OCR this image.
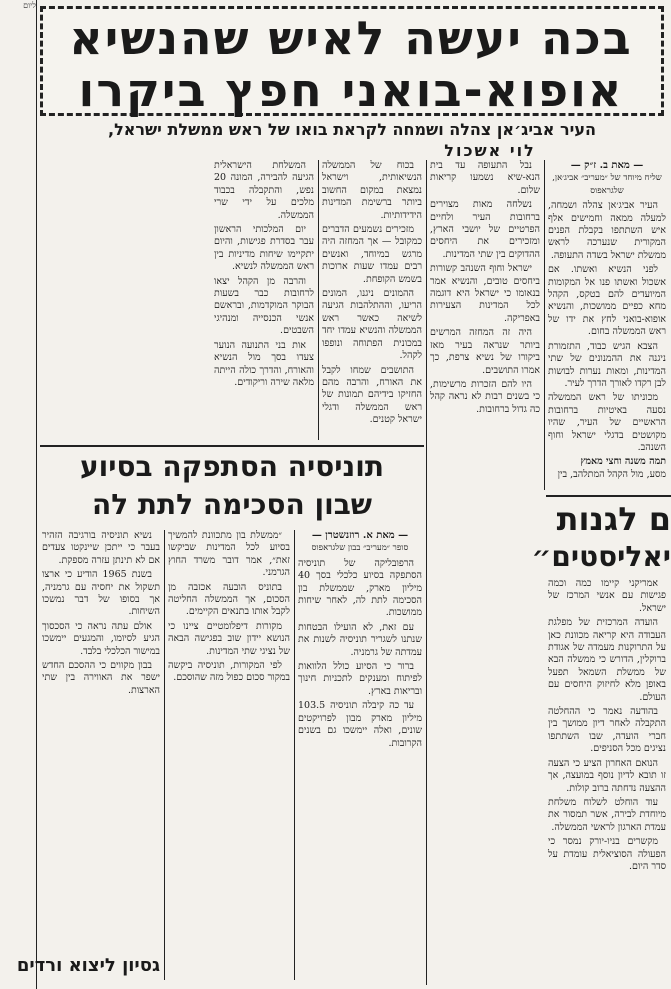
ליום
בכה יעשה לאיש שהנשיא
אופוא-בואני חפץ ביקרו
העיר אביג׳אן צהלה ושמחה לקראת בואו של ראש ממשלת ישראל,
לוי אשכול
— מאת ב. ז״ק —
שליח מיוחד של ״מעריב״ אביג׳אן, שלגראפוס

העיר אביג׳אן צהלה ושמחה, למעלה ממאה וחמישים אלף איש השתתפו בקבלת הפנים המקורית שנערכה לראש ממשלת ישראל בשדה התעופה.

לפני הנשיא ואשתו. אם אשכול ואשתו פנו אל המקומות המיועדים להם בטקס, הקהל מחא כפיים ממושכות, והנשיא אופוא-בואני לחץ את ידו של ראש הממשלה בחום.

הצבא הגיש כבוד, התזמורת ניגנה את ההמנונים של שתי המדינות, ומאות נערות לבושות לבן רקדו לאורך הדרך לעיר.

מכוניתו של ראש הממשלה נסעה באיטיות ברחובות הראשיים של העיר, שהיו מקושטים בדגלי ישראל וחוף השנהב.

תמה משנה וחצי מאמץ
מסע, מול הקהל המתלהב, בין

נבל התעופה עד בית הנא-שיא נשמעו קריאות שלום.

נשלחה מאות מצוירים ברחובות העיר ולחיים הפרטיים של יושבי הארץ, ומזכירים את היחסים ההדוקים בין שתי המדינות.

ישראל וחוף השנהב קשורות ביחסים טובים, והנשיא אמר בנאומו כי ישראל היא דוגמה לכל המדינות הצעירות באפריקה.

היה זה המחזה המרשים ביותר שנראה בעיר מאז ביקורו של נשיא צרפת, כך אמרו התושבים.

היו להם הזכרות מרשימות, כי בשנים רבות לא נראה קהל כה גדול ברחובות.

בכוח של הממשלה הנשיאותית, וישראל נמצאת במקום החשוב ביותר ברשימת המדינות הידידותיות.

מזכירים נשמעים הדברים כמקובל — אך המחזה היה מרגש במיוחד, ואנשים רבים עמדו שעות ארוכות בשמש הקופחת.

ההמונים ניגנו, המונים הריעו, וההתלהבות הגיעה לשיאה כאשר ראש הממשלה והנשיא עמדו יחד במכונית הפתוחה ונופפו לקהל.

התושבים שמחו לקבל את האורח, והרבה מהם החזיקו בידיהם תמונות של ראש הממשלה ודגלי ישראל קטנים.

המשלחת הישראלית הגיעה להבירה, המונה 20 נפש, והתקבלה בכבוד מלכים על ידי שרי הממשלה.

יום המלכותי הראשון עבר בסדרת פגישות, והיום יתקיימו שיחות מדיניות בין ראש הממשלה לנשיא.

והרבה מן הקהל יצאו לרחובות כבר בשעות הבוקר המוקדמות, ובראשם אנשי הכנסייה ומנהיגי השבטים.

אות בני התנועה הנוער צעדו בסך מול הנשיא והאורח, והדרך כולה הייתה מלאה שירה וריקודים.

תוניסיה הסתפקה בסיוע
שבון הסכימה לתת לה
— מאת א. רוזנשטרן —
סופר ״מעריב״ בבון שלגראפוס

הרפובליקה של תוניסיה הסתפקה בסיוע כלכלי בסך 40 מיליון מארק, שממשלת בון הסכימה לתת לה, לאחר שיחות ממושכות.

עם זאת, לא הועילו הבטחות שנתנו לשגריר תוניסיה לשנות את עמדתה של גרמניה.

ברור כי הסיוע כולל הלוואות לפיתוח ומענקים לתכניות חינוך ובריאות בארץ.

עד כה קיבלה תוניסיה 103.5 מיליון מארק מבון לפרויקטים שונים, ואלה יימשכו גם בשנים הקרובות.

״ממשלת בון מתכוונת להמשיך בסיוע לכל המדינות שביקשו זאת״, אמר דובר משרד החוץ הגרמני.

בתוניס הובעה אכזבה מן הסכום, אך הממשלה החליטה לקבל אותו בתנאים הקיימים.

מקורות דיפלומטיים ציינו כי הנושא יידון שוב בפגישה הבאה של נציגי שתי המדינות.

לפי המקורות, תוניסיה ביקשה במקור סכום כפול מזה שהוסכם.

נשיא תוניסיה בורגיבה הזהיר בעבר כי ייתכן שיינקטו צעדים אם לא תינתן עזרה מספקת.

בשנת 1965 הודיע כי ארצו תשקול את יחסיה עם גרמניה, אך בסופו של דבר נמשכו השיחות.

אולם עתה נראה כי הסכסוך הגיע לסיומו, והמגעים יימשכו במישור הכלכלי בלבד.

בבון מקווים כי ההסכם החדש ישפר את האווירה בין שתי הארצות.

גסיון ליצוא ורדים
ם לגנות
יאליסטים״

אמריקני קיימו כמה וכמה פגישות עם אנשי המרכז של ישראל.

הועדה המרכזית של מפלגת העבודה היא קריאה מכוונת כאן על התרוקנות מעמדה של אגודת ברוקלין, הדורש כי ממשלה הבא של ממשלת השמאל תפעל באופן מלא לחיזוק היחסים עם העולם.

בהודעה נאמר כי ההחלטה התקבלה לאחר דיון ממושך בין חברי הועדה, שבו השתתפו נציגים מכל הסניפים.

הנואם האחרון הציע כי הצעה זו תובא לדיון נוסף במועצה, אך ההצעה נדחתה ברוב קולות.

עוד הוחלט לשלוח משלחת מיוחדת לבירה, אשר תמסור את עמדת הארגון לראשי הממשלה.

מקשרים בניו-יורק נמסר כי הפעולה הסוציאלית עומדת על סדר היום.
